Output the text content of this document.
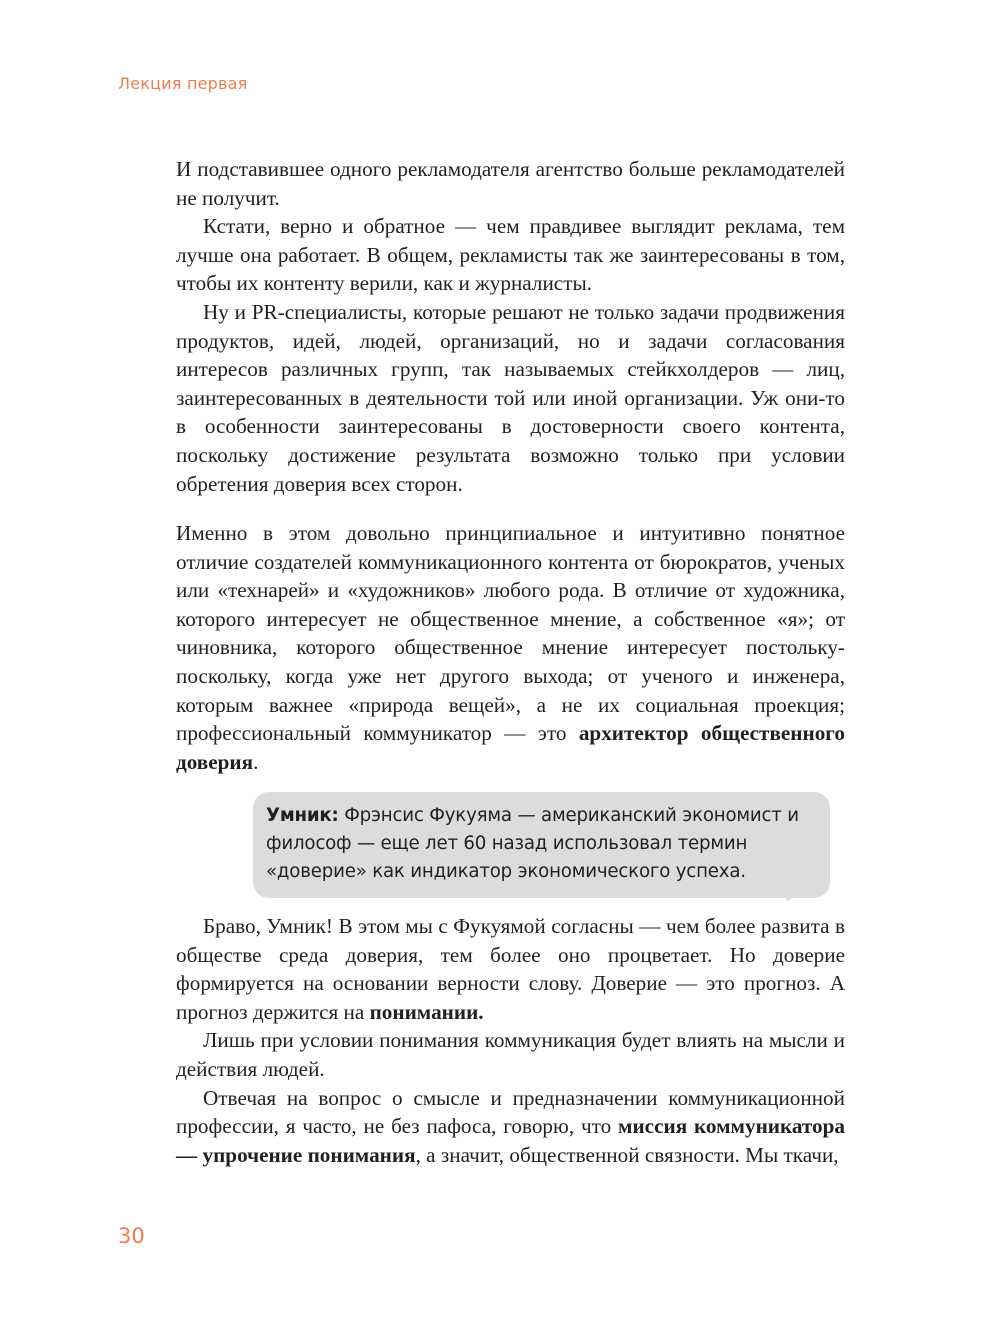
Лекция первая

И подставившее одного рекламодателя агентство больше рекламодателей не получит.

Кстати, верно и обратное — чем правдивее выглядит реклама, тем лучше она работает. В общем, рекламисты так же заинтересованы в том, чтобы их контенту верили, как и журналисты.

Ну и PR-специалисты, которые решают не только задачи продвижения продуктов, идей, людей, организаций, но и задачи согласования интересов различных групп, так называемых стейкхолдеров — лиц, заинтересованных в деятельности той или иной организации. Уж они-то в особенности заинтересованы в достоверности своего контента, поскольку достижение результата возможно только при условии обретения доверия всех сторон.

Именно в этом довольно принципиальное и интуитивно понятное отличие создателей коммуникационного контента от бюрократов, ученых или «технарей» и «художников» любого рода. В отличие от художника, которого интересует не общественное мнение, а собственное «я»; от чиновника, которого общественное мнение интересует постольку-поскольку, когда уже нет другого выхода; от ученого и инженера, которым важнее «природа вещей», а не их социальная проекция; профессиональный коммуникатор — это архитектор общественного доверия.

Умник: Фрэнсис Фукуяма — американский экономист и философ — еще лет 60 назад использовал термин «доверие» как индикатор экономического успеха.

Браво, Умник! В этом мы с Фукуямой согласны — чем более развита в обществе среда доверия, тем более оно процветает. Но доверие формируется на основании верности слову. Доверие — это прогноз. А прогноз держится на понимании.

Лишь при условии понимания коммуникация будет влиять на мысли и действия людей.

Отвечая на вопрос о смысле и предназначении коммуникационной профессии, я часто, не без пафоса, говорю, что миссия коммуникатора — упрочение понимания, а значит, общественной связности. Мы ткачи,

30
